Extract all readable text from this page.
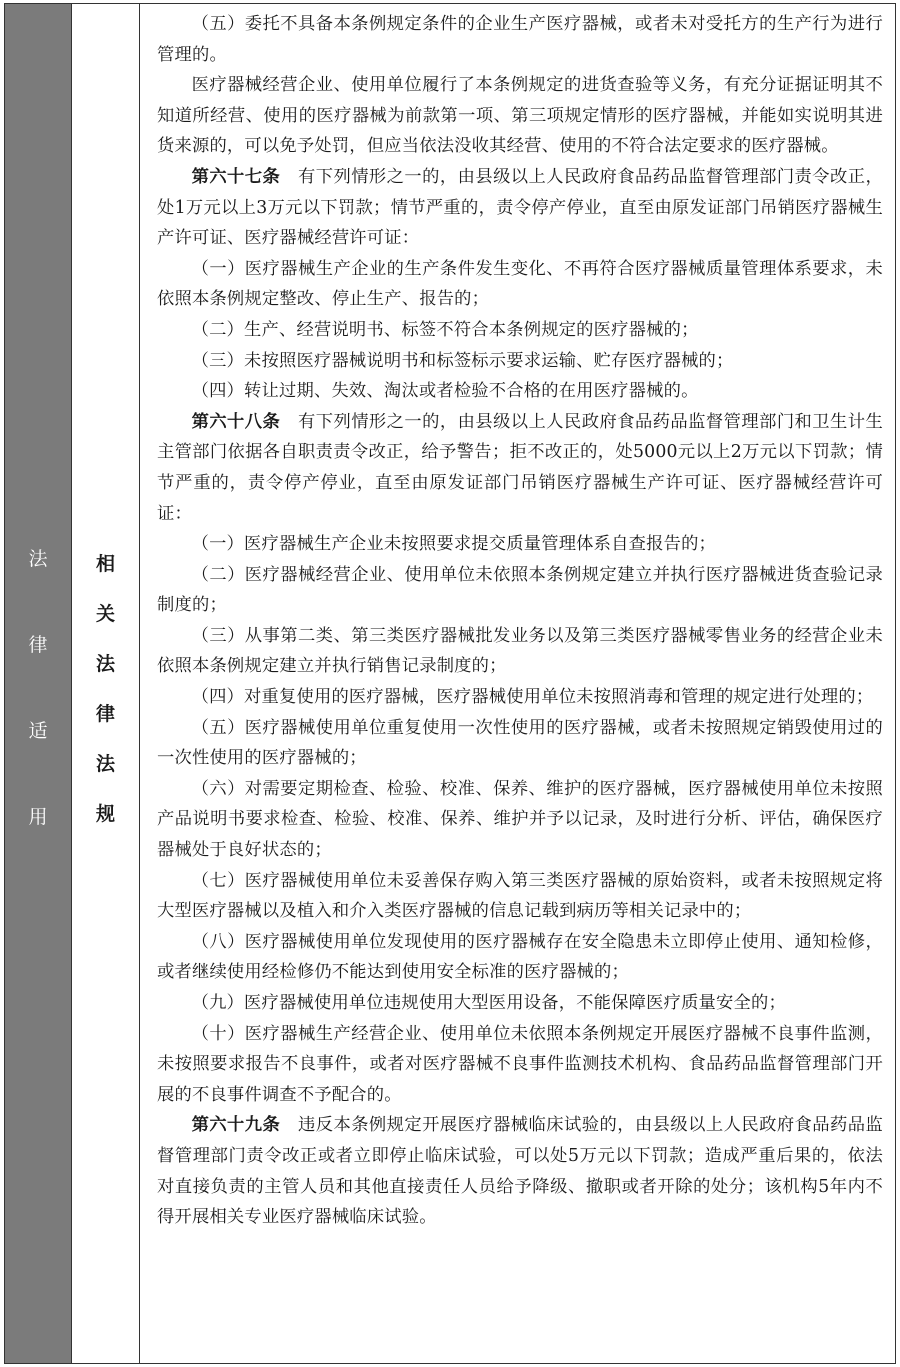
法
律
适
用
相
关
法
律
法
规

（五）委托不具备本条例规定条件的企业生产医疗器械，或者未对受托方的生产行为进行管理的。

医疗器械经营企业、使用单位履行了本条例规定的进货查验等义务，有充分证据证明其不知道所经营、使用的医疗器械为前款第一项、第三项规定情形的医疗器械，并能如实说明其进货来源的，可以免予处罚，但应当依法没收其经营、使用的不符合法定要求的医疗器械。

第六十七条　有下列情形之一的，由县级以上人民政府食品药品监督管理部门责令改正，处1万元以上3万元以下罚款；情节严重的，责令停产停业，直至由原发证部门吊销医疗器械生产许可证、医疗器械经营许可证：

（一）医疗器械生产企业的生产条件发生变化、不再符合医疗器械质量管理体系要求，未依照本条例规定整改、停止生产、报告的；

（二）生产、经营说明书、标签不符合本条例规定的医疗器械的；

（三）未按照医疗器械说明书和标签标示要求运输、贮存医疗器械的；

（四）转让过期、失效、淘汰或者检验不合格的在用医疗器械的。

第六十八条　有下列情形之一的，由县级以上人民政府食品药品监督管理部门和卫生计生主管部门依据各自职责责令改正，给予警告；拒不改正的，处5000元以上2万元以下罚款；情节严重的，责令停产停业，直至由原发证部门吊销医疗器械生产许可证、医疗器械经营许可证：

（一）医疗器械生产企业未按照要求提交质量管理体系自查报告的；

（二）医疗器械经营企业、使用单位未依照本条例规定建立并执行医疗器械进货查验记录制度的；

（三）从事第二类、第三类医疗器械批发业务以及第三类医疗器械零售业务的经营企业未依照本条例规定建立并执行销售记录制度的；

（四）对重复使用的医疗器械，医疗器械使用单位未按照消毒和管理的规定进行处理的；

（五）医疗器械使用单位重复使用一次性使用的医疗器械，或者未按照规定销毁使用过的一次性使用的医疗器械的；

（六）对需要定期检查、检验、校准、保养、维护的医疗器械，医疗器械使用单位未按照产品说明书要求检查、检验、校准、保养、维护并予以记录，及时进行分析、评估，确保医疗器械处于良好状态的；

（七）医疗器械使用单位未妥善保存购入第三类医疗器械的原始资料，或者未按照规定将大型医疗器械以及植入和介入类医疗器械的信息记载到病历等相关记录中的；

（八）医疗器械使用单位发现使用的医疗器械存在安全隐患未立即停止使用、通知检修，或者继续使用经检修仍不能达到使用安全标准的医疗器械的；

（九）医疗器械使用单位违规使用大型医用设备，不能保障医疗质量安全的；

（十）医疗器械生产经营企业、使用单位未依照本条例规定开展医疗器械不良事件监测，未按照要求报告不良事件，或者对医疗器械不良事件监测技术机构、食品药品监督管理部门开展的不良事件调查不予配合的。

第六十九条　违反本条例规定开展医疗器械临床试验的，由县级以上人民政府食品药品监督管理部门责令改正或者立即停止临床试验，可以处5万元以下罚款；造成严重后果的，依法对直接负责的主管人员和其他直接责任人员给予降级、撤职或者开除的处分；该机构5年内不得开展相关专业医疗器械临床试验。
